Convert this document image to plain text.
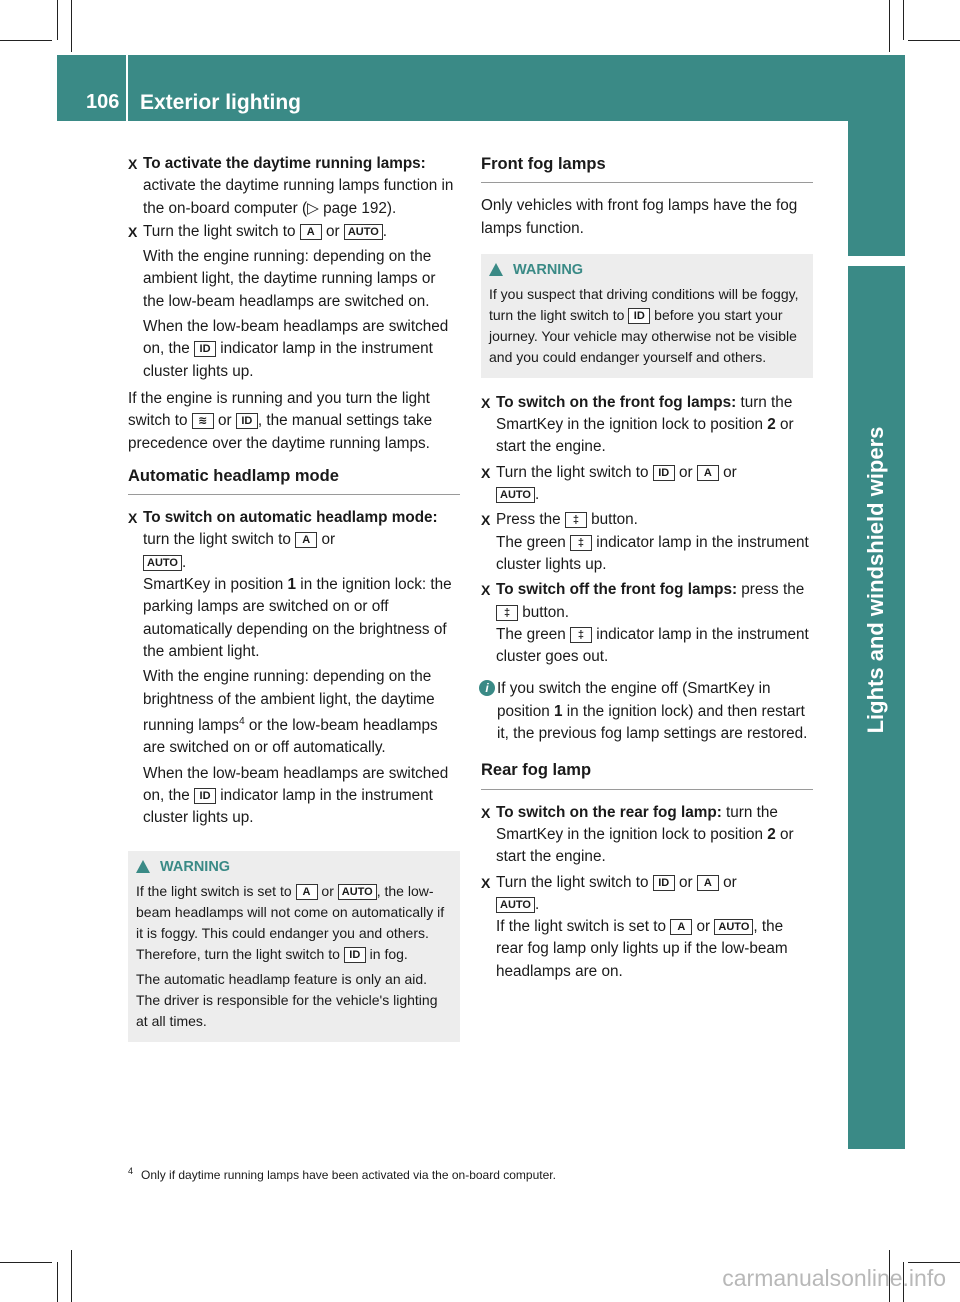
106 Exterior lighting
Lights and windshield wipers
X To activate the daytime running lamps: activate the daytime running lamps function in the on-board computer (▷ page 192).

X Turn the light switch to A or AUTO .

With the engine running: depending on the ambient light, the daytime running lamps or the low-beam headlamps are switched on.

When the low-beam headlamps are switched on, the ID indicator lamp in the instrument cluster lights up.

If the engine is running and you turn the light switch to ≋ or ID , the manual settings take precedence over the daytime running lamps.

Automatic headlamp mode

X To switch on automatic headlamp mode: turn the light switch to A or
AUTO .
SmartKey in position 1 in the ignition lock: the parking lamps are switched on or off automatically depending on the brightness of the ambient light.

With the engine running: depending on the brightness of the ambient light, the daytime running lamps$^4$ or the low-beam headlamps are switched on or off automatically.

When the low-beam headlamps are switched on, the ID indicator lamp in the instrument cluster lights up.

WARNING

If the light switch is set to A or AUTO , the low-beam headlamps will not come on automatically if it is foggy. This could endanger you and others. Therefore, turn the light switch to ID in fog.

The automatic headlamp feature is only an aid. The driver is responsible for the vehicle's lighting at all times.

Front fog lamps

Only vehicles with front fog lamps have the fog lamps function.

WARNING

If you suspect that driving conditions will be foggy, turn the light switch to ID before you start your journey. Your vehicle may otherwise not be visible and you could endanger yourself and others.

X To switch on the front fog lamps: turn the SmartKey in the ignition lock to position 2 or start the engine.

X Turn the light switch to ID or A or
AUTO .

X Press the ‡ button.
The green ‡ indicator lamp in the instrument cluster lights up.

X To switch off the front fog lamps: press the ‡ button.
The green ‡ indicator lamp in the instrument cluster goes out.

i If you switch the engine off (SmartKey in position 1 in the ignition lock) and then restart it, the previous fog lamp settings are restored.
Rear fog lamp

X To switch on the rear fog lamp: turn the SmartKey in the ignition lock to position 2 or start the engine.

X Turn the light switch to ID or A or
AUTO .
If the light switch is set to A or AUTO , the rear fog lamp only lights up if the low-beam headlamps are on.

$^4$ Only if daytime running lamps have been activated via the on-board computer.
carmanualsonline.info
